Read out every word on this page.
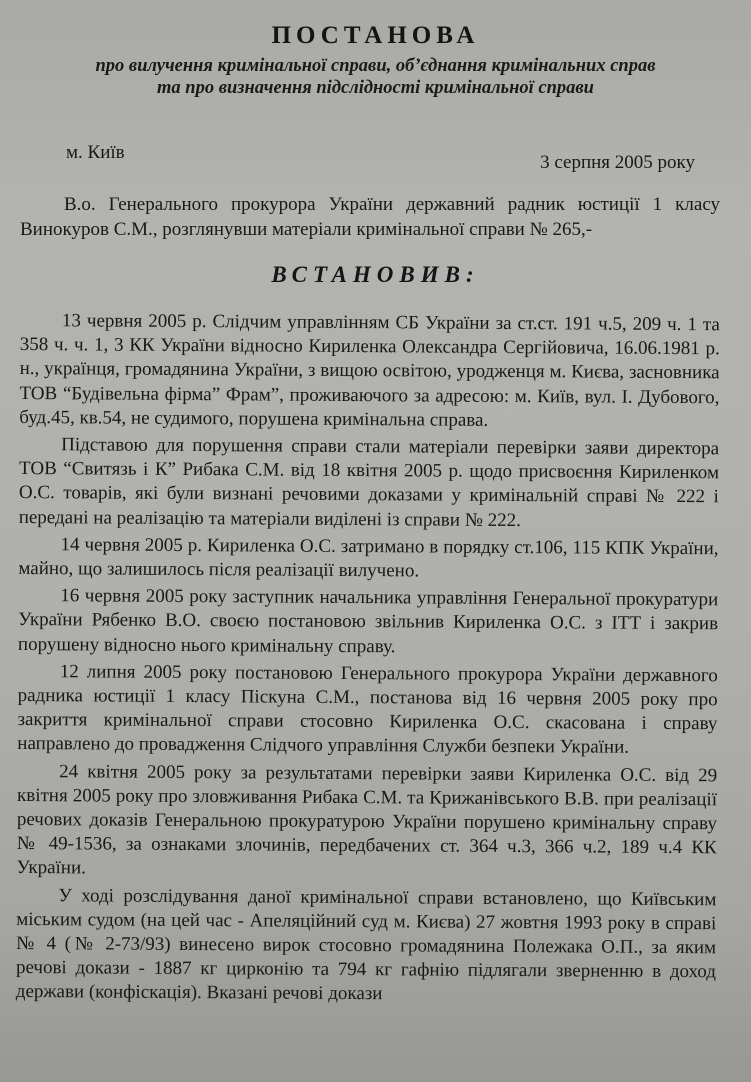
ПОСТАНОВА
про вилучення кримінальної справи, об’єднання кримінальних справ
та про визначення підслідності кримінальної справи
м. Київ	3 серпня 2005 року
В.о. Генерального прокурора України державний радник юстиції 1 класу Винокуров С.М., розглянувши матеріали кримінальної справи № 265,-
ВСТАНОВИВ:

13 червня 2005 р. Слідчим управлінням СБ України за ст.ст. 191 ч.5, 209 ч. 1 та 358 ч. ч. 1, 3 КК України відносно Кириленка Олександра Сергійовича, 16.06.1981 р. н., українця, громадянина України, з вищою освітою, уродженця м. Києва, засновника ТОВ “Будівельна фірма” Фрам”, проживаючого за адресою: м. Київ, вул. І. Дубового, буд.45, кв.54, не судимого, порушена кримінальна справа.

Підставою для порушення справи стали матеріали перевірки заяви директора ТОВ “Свитязь і К” Рибака С.М. від 18 квітня 2005 р. щодо присвоєння Кириленком О.С. товарів, які були визнані речовими доказами у кримінальній справі № 222 і передані на реалізацію та матеріали виділені із справи № 222.

14 червня 2005 р. Кириленка О.С. затримано в порядку ст.106, 115 КПК України, майно, що залишилось після реалізації вилучено.

16 червня 2005 року заступник начальника управління Генеральної прокуратури України Рябенко В.О. своєю постановою звільнив Кириленка О.С. з ІТТ і закрив порушену відносно нього кримінальну справу.

12 липня 2005 року постановою Генерального прокурора України державного радника юстиції 1 класу Піскуна С.М., постанова від 16 червня 2005 року про закриття кримінальної справи стосовно Кириленка О.С. скасована і справу направлено до провадження Слідчого управління Служби безпеки України.

24 квітня 2005 року за результатами перевірки заяви Кириленка О.С. від 29 квітня 2005 року про зловживання Рибака С.М. та Крижанівського В.В. при реалізації речових доказів Генеральною прокуратурою України порушено кримінальну справу № 49-1536, за ознаками злочинів, передбачених ст. 364 ч.3, 366 ч.2, 189 ч.4 КК України.

У ході розслідування даної кримінальної справи встановлено, що Київським міським судом (на цей час - Апеляційний суд м. Києва) 27 жовтня 1993 року в справі № 4 (№ 2-73/93) винесено вирок стосовно громадянина Полежака О.П., за яким речові докази - 1887 кг цирконію та 794 кг гафнію підлягали зверненню в доход держави (конфіскація). Вказані речові докази
